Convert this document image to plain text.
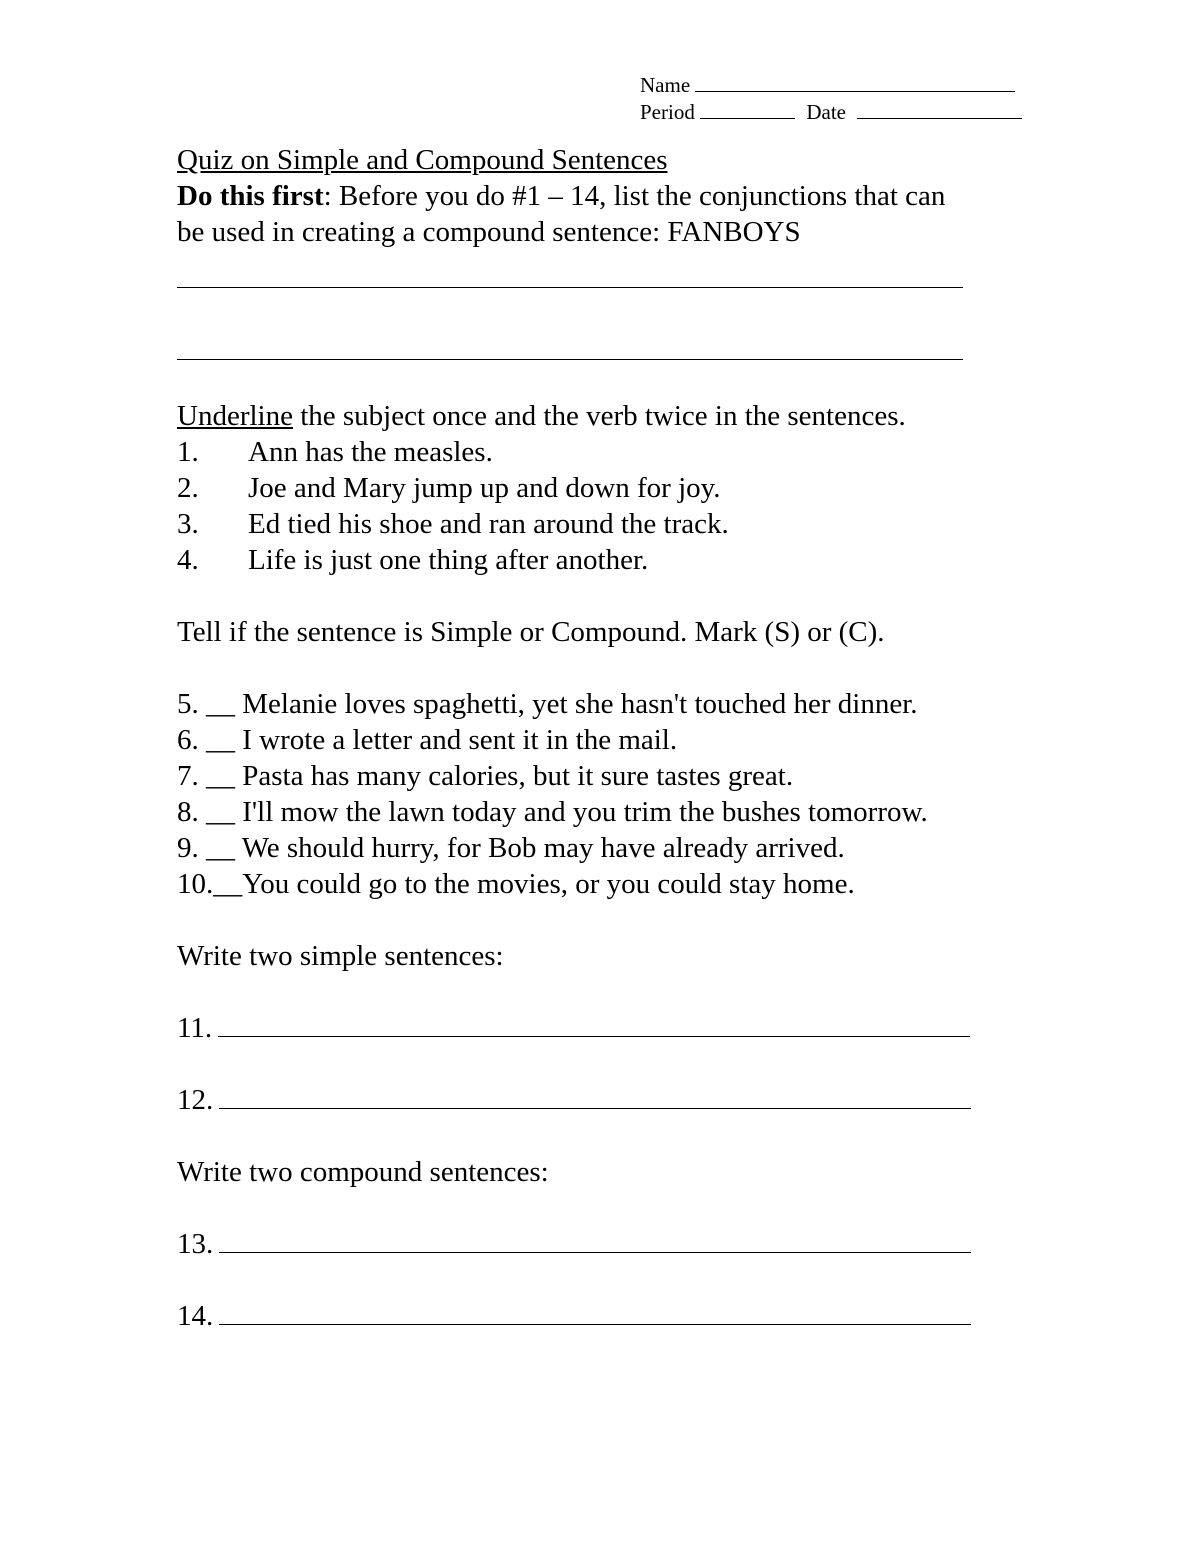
Name
Period	Date
Quiz on Simple and Compound Sentences
Do this first: Before you do #1 – 14, list the conjunctions that can
be used in creating a compound sentence: FANBOYS
Underline the subject once and the verb twice in the sentences.
1. Ann has the measles.
2. Joe and Mary jump up and down for joy.
3. Ed tied his shoe and ran around the track.
4. Life is just one thing after another.
Tell if the sentence is Simple or Compound. Mark (S) or (C).
5. __ Melanie loves spaghetti, yet she hasn't touched her dinner.
6. __ I wrote a letter and sent it in the mail.
7. __ Pasta has many calories, but it sure tastes great.
8. __ I'll mow the lawn today and you trim the bushes tomorrow.
9. __ We should hurry, for Bob may have already arrived.
10.__You could go to the movies, or you could stay home.
Write two simple sentences:
11.
12.
Write two compound sentences:
13.
14.
